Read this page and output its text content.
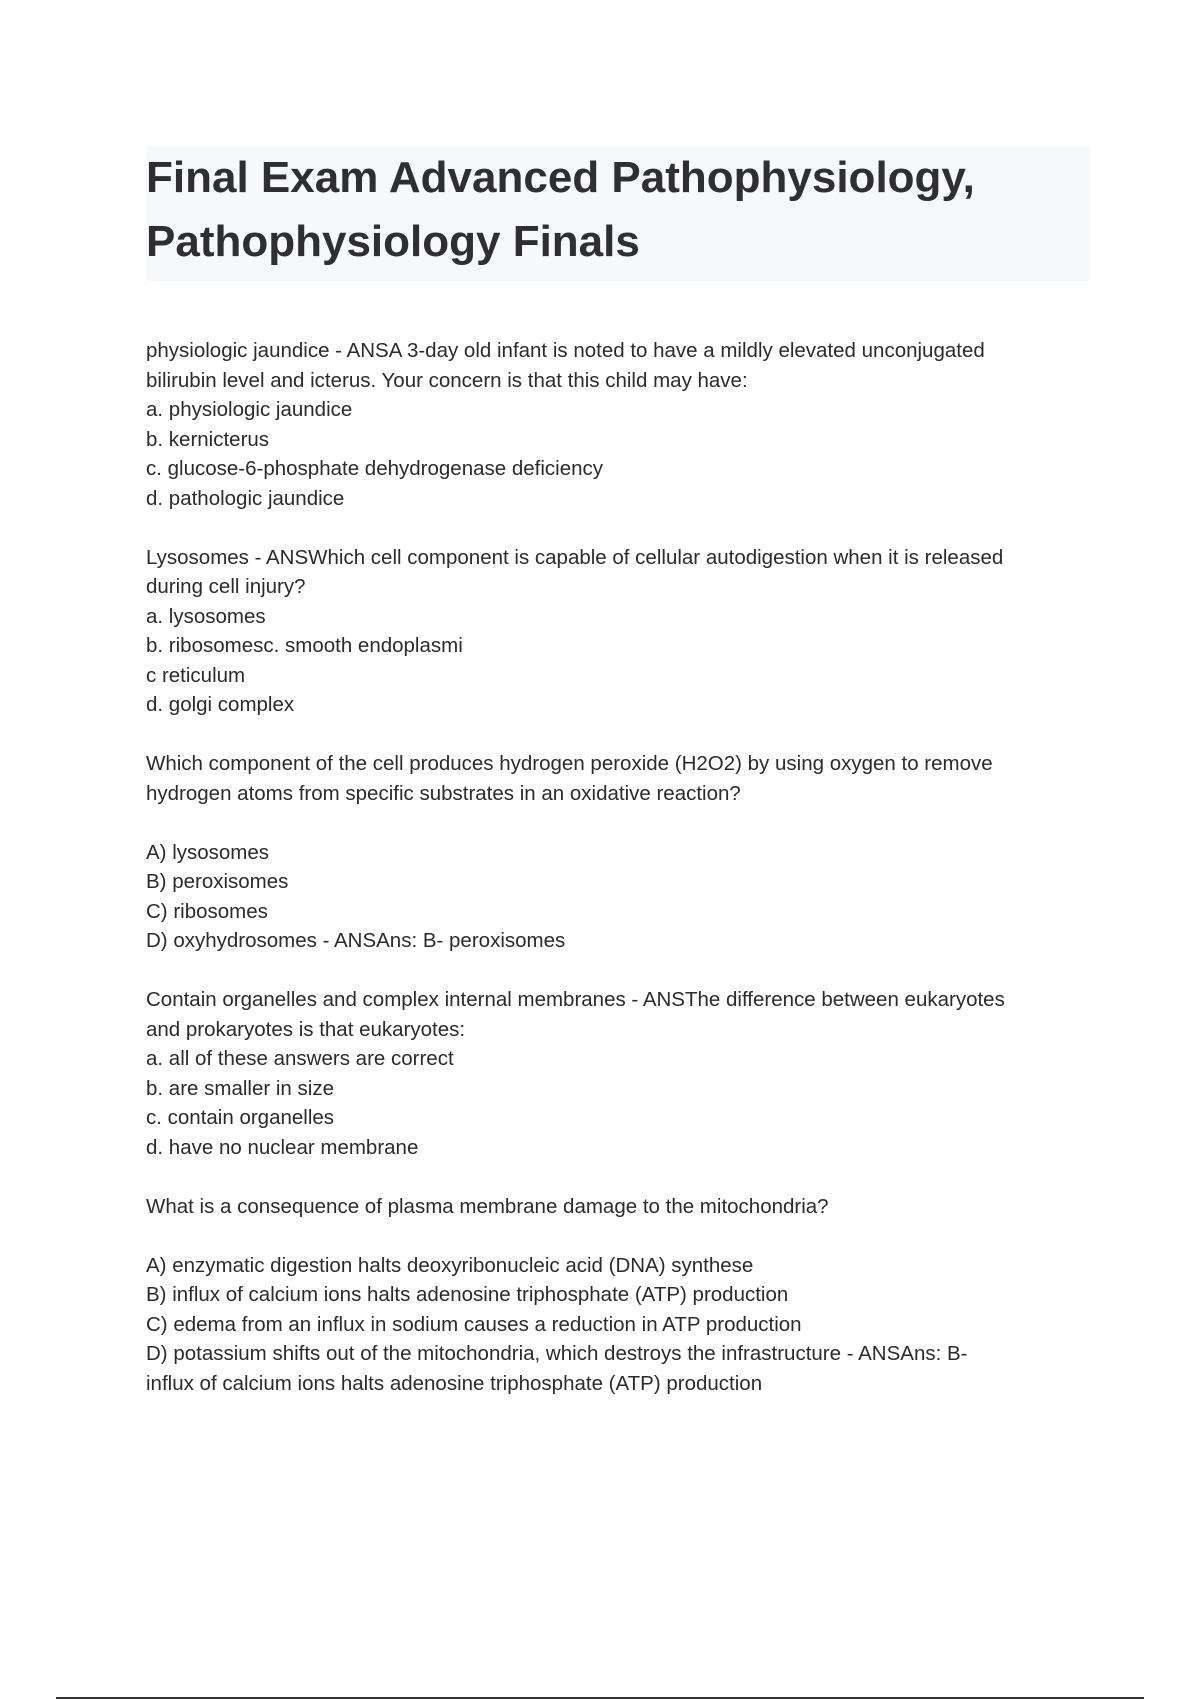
Final Exam Advanced Pathophysiology,
Pathophysiology Finals
physiologic jaundice - ANSA 3-day old infant is noted to have a mildly elevated unconjugated
bilirubin level and icterus. Your concern is that this child may have:
a. physiologic jaundice
b. kernicterus
c. glucose-6-phosphate dehydrogenase deficiency
d. pathologic jaundice
Lysosomes - ANSWhich cell component is capable of cellular autodigestion when it is released
during cell injury?
a. lysosomes
b. ribosomesc. smooth endoplasmi
c reticulum
d. golgi complex
Which component of the cell produces hydrogen peroxide (H2O2) by using oxygen to remove
hydrogen atoms from specific substrates in an oxidative reaction?
A) lysosomes
B) peroxisomes
C) ribosomes
D) oxyhydrosomes - ANSAns: B- peroxisomes
Contain organelles and complex internal membranes - ANSThe difference between eukaryotes
and prokaryotes is that eukaryotes:
a. all of these answers are correct
b. are smaller in size
c. contain organelles
d. have no nuclear membrane
What is a consequence of plasma membrane damage to the mitochondria?
A) enzymatic digestion halts deoxyribonucleic acid (DNA) synthese
B) influx of calcium ions halts adenosine triphosphate (ATP) production
C) edema from an influx in sodium causes a reduction in ATP production
D) potassium shifts out of the mitochondria, which destroys the infrastructure - ANSAns: B-
influx of calcium ions halts adenosine triphosphate (ATP) production
